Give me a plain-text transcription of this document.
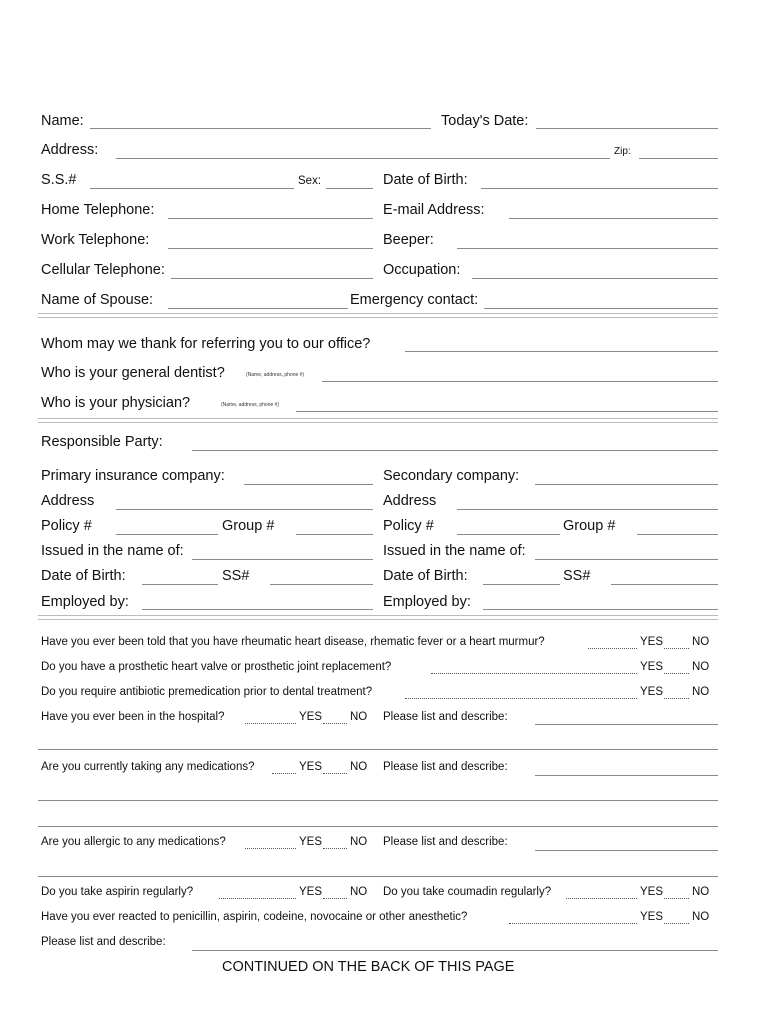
Name:	Today's Date:
Address:	Zip:
S.S.#	Sex:	Date of Birth:
Home Telephone:	E-mail Address:
Work Telephone:	Beeper:
Cellular Telephone:	Occupation:
Name of Spouse:	Emergency contact:
Whom may we thank for referring you to our office?
Who is your general dentist?	(Name, address, phone #)
Who is your physician?	(Name, address, phone #)
Responsible Party:
Primary insurance company:	Secondary company:
Address	Address
Policy #	Group #	Policy #	Group #
Issued in the name of:	Issued in the name of:
Date of Birth:	SS#	Date of Birth:	SS#
Employed by:	Employed by:
Have you ever been told that you have rheumatic heart disease, rhematic fever or a heart murmur?	YES	NO
Do you have a prosthetic heart valve or prosthetic joint replacement?	YES	NO
Do you require antibiotic premedication prior to dental treatment?	YES	NO
Have you ever been in the hospital?	YES NO Please list and describe:
Are you currently taking any medications?	YES NO Please list and describe:
Are you allergic to any medications?	YES NO Please list and describe:
Do you take aspirin regularly?	YES NO Do you take coumadin regularly?	YES	NO
Have you ever reacted to penicillin, aspirin, codeine, novocaine or other anesthetic?	YES	NO
Please list and describe:
CONTINUED ON THE BACK OF THIS PAGE
